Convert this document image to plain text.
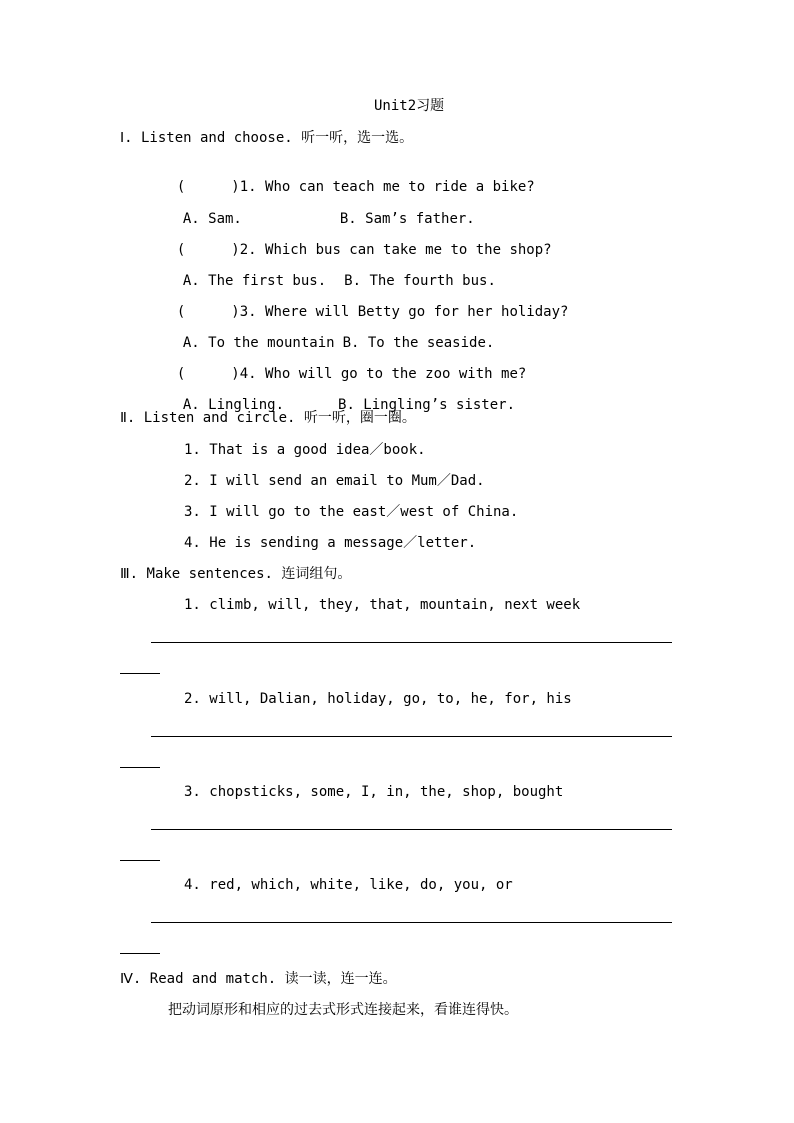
Unit2习题
Ⅰ. Listen and choose. 听一听，选一选。

(	)1. Who can teach me to ride a bike?

A. Sam.	B. Sam’s father.

(	)2. Which bus can take me to the shop?

A. The first bus. B. The fourth bus.

(	)3. Where will Betty go for her holiday?

A. To the mountain B. To the seaside.

(	)4. Who will go to the zoo with me?

A. Lingling.	B. Lingling’s sister.

Ⅱ. Listen and circle. 听一听，圈一圈。
1. That is a good idea／book.
2. I will send an email to Mum／Dad.
3. I will go to the east／west of China.
4. He is sending a message／letter.
Ⅲ. Make sentences. 连词组句。
1. climb, will, they, that, mountain, next week
2. will, Dalian, holiday, go, to, he, for, his
3. chopsticks, some, I, in, the, shop, bought
4. red, which, white, like, do, you, or
Ⅳ. Read and match. 读一读，连一连。
把动词原形和相应的过去式形式连接起来，看谁连得快。
